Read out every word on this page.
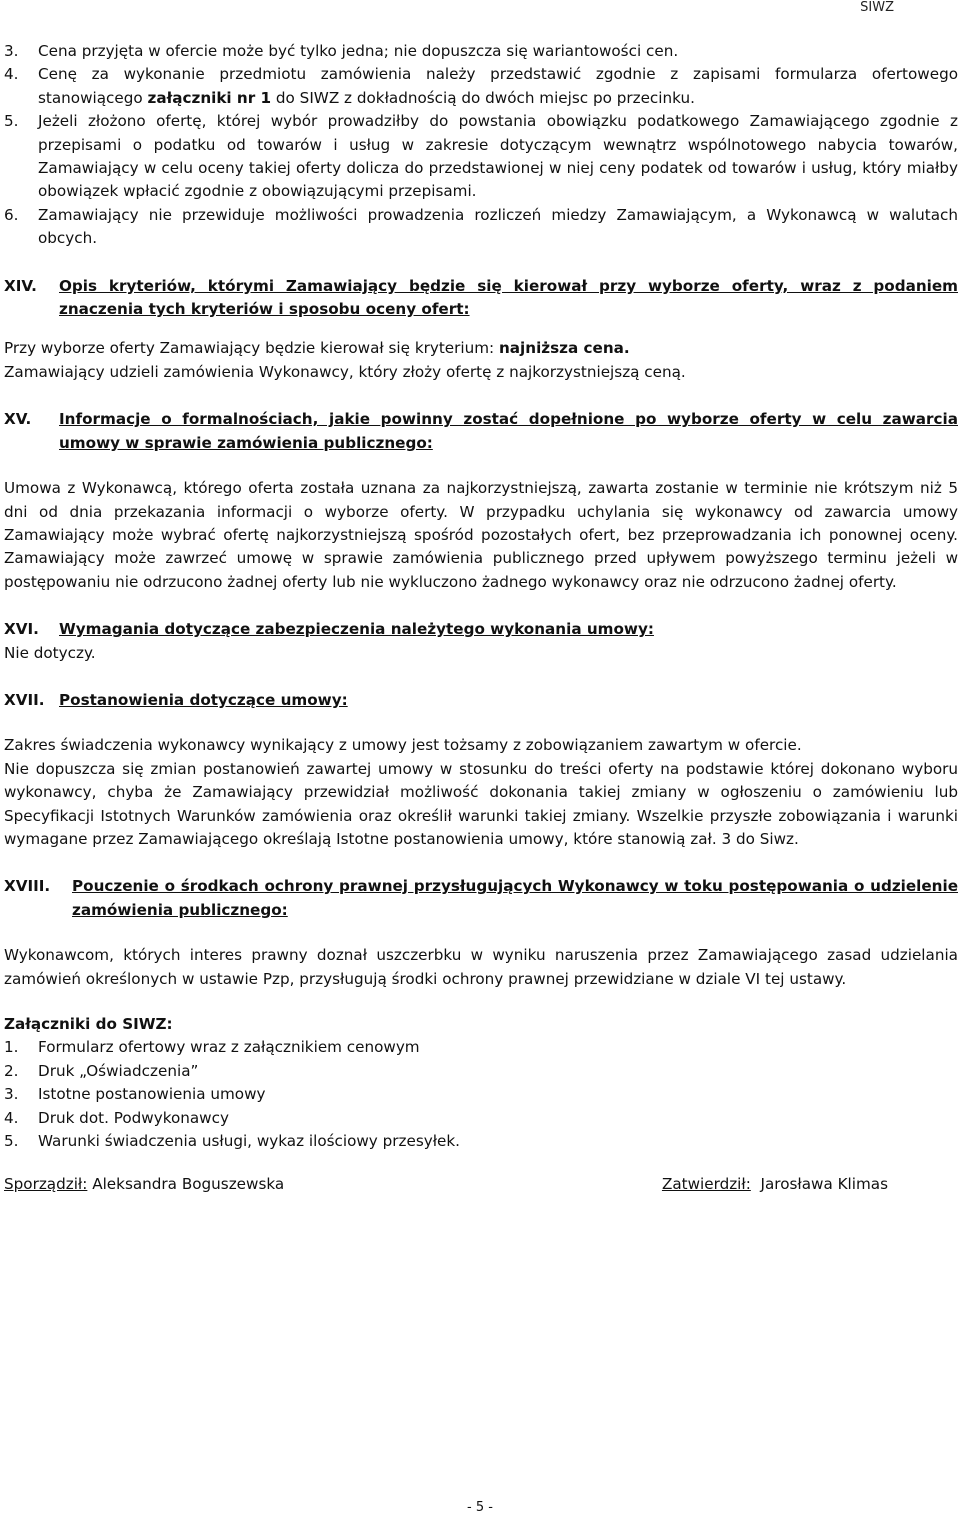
SIWZ
3.	Cena przyjęta w ofercie może być tylko jedna; nie dopuszcza się wariantowości cen.
4.	Cenę za wykonanie przedmiotu zamówienia należy przedstawić zgodnie z zapisami formularza ofertowego stanowiącego załączniki nr 1 do SIWZ z dokładnością do dwóch miejsc po przecinku.
5.	Jeżeli złożono ofertę, której wybór prowadziłby do powstania obowiązku podatkowego Zamawiającego zgodnie z przepisami o podatku od towarów i usług w zakresie dotyczącym wewnątrz wspólnotowego nabycia towarów, Zamawiający w celu oceny takiej oferty dolicza do przedstawionej w niej ceny podatek od towarów i usług, który miałby obowiązek wpłacić zgodnie z obowiązującymi przepisami.
6.	Zamawiający nie przewiduje możliwości prowadzenia rozliczeń miedzy Zamawiającym, a Wykonawcą w walutach obcych.
XIV.	Opis kryteriów, którymi Zamawiający będzie się kierował przy wyborze oferty, wraz z podaniem znaczenia tych kryteriów i sposobu oceny ofert:

Przy wyborze oferty Zamawiający będzie kierował się kryterium: najniższa cena.

Zamawiający udzieli zamówienia Wykonawcy, który złoży ofertę z najkorzystniejszą ceną.

XV.	Informacje o formalnościach, jakie powinny zostać dopełnione po wyborze oferty w celu zawarcia umowy w sprawie zamówienia publicznego:

Umowa z Wykonawcą, którego oferta została uznana za najkorzystniejszą, zawarta zostanie w terminie nie krótszym niż 5 dni od dnia przekazania informacji o wyborze oferty. W przypadku uchylania się wykonawcy od zawarcia umowy Zamawiający może wybrać ofertę najkorzystniejszą spośród pozostałych ofert, bez przeprowadzania ich ponownej oceny. Zamawiający może zawrzeć umowę w sprawie zamówienia publicznego przed upływem powyższego terminu jeżeli w postępowaniu nie odrzucono żadnej oferty lub nie wykluczono żadnego wykonawcy oraz nie odrzucono żadnej oferty.

XVI.	Wymagania dotyczące zabezpieczenia należytego wykonania umowy:

Nie dotyczy.

XVII. Postanowienia dotyczące umowy:

Zakres świadczenia wykonawcy wynikający z umowy jest tożsamy z zobowiązaniem zawartym w ofercie.

Nie dopuszcza się zmian postanowień zawartej umowy w stosunku do treści oferty na podstawie której dokonano wyboru wykonawcy, chyba że Zamawiający przewidział możliwość dokonania takiej zmiany w ogłoszeniu o zamówieniu lub Specyfikacji Istotnych Warunków zamówienia oraz określił warunki takiej zmiany. Wszelkie przyszłe zobowiązania i warunki wymagane przez Zamawiającego określają Istotne postanowienia umowy, które stanowią zał. 3 do Siwz.

XVIII.	Pouczenie o środkach ochrony prawnej przysługujących Wykonawcy w toku postępowania o udzielenie zamówienia publicznego:

Wykonawcom, których interes prawny doznał uszczerbku w wyniku naruszenia przez Zamawiającego zasad udzielania zamówień określonych w ustawie Pzp, przysługują środki ochrony prawnej przewidziane w dziale VI tej ustawy.

Załączniki do SIWZ:
1.	Formularz ofertowy wraz z załącznikiem cenowym
2.	Druk „Oświadczenia”
3.	Istotne postanowienia umowy
4.	Druk dot. Podwykonawcy
5.	Warunki świadczenia usługi, wykaz ilościowy przesyłek.
Sporządził: Aleksandra Boguszewska	Zatwierdził:  Jarosława Klimas
- 5 -
